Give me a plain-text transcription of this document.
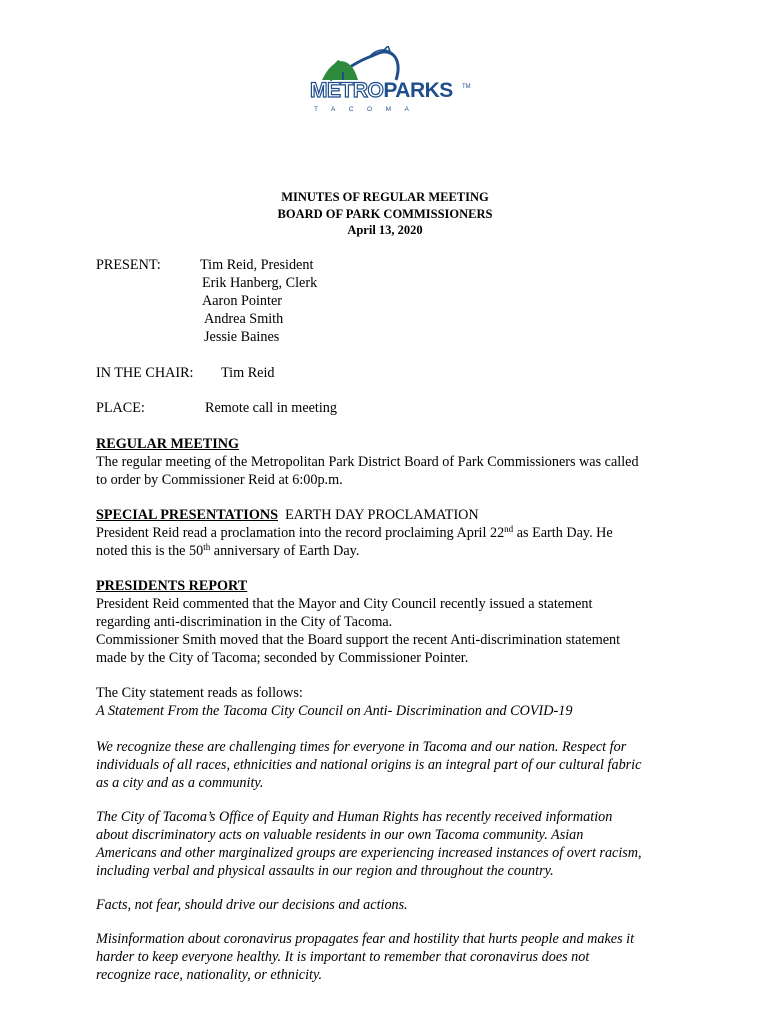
METROPARKS TM
TACOMA
MINUTES OF REGULAR MEETING
BOARD OF PARK COMMISSIONERS
April 13, 2020
PRESENT:	Tim Reid, President
Erik Hanberg, Clerk
Aaron Pointer
Andrea Smith
Jessie Baines
IN THE CHAIR: Tim Reid
PLACE:	Remote call in meeting
REGULAR MEETING
The regular meeting of the Metropolitan Park District Board of Park Commissioners was called
to order by Commissioner Reid at 6:00p.m.
SPECIAL PRESENTATIONS EARTH DAY PROCLAMATION
President Reid read a proclamation into the record proclaiming April 22nd as Earth Day. He
noted this is the 50th anniversary of Earth Day.
PRESIDENTS REPORT
President Reid commented that the Mayor and City Council recently issued a statement
regarding anti-discrimination in the City of Tacoma.
Commissioner Smith moved that the Board support the recent Anti-discrimination statement
made by the City of Tacoma; seconded by Commissioner Pointer.
The City statement reads as follows:
A Statement From the Tacoma City Council on Anti- Discrimination and COVID-19
We recognize these are challenging times for everyone in Tacoma and our nation. Respect for
individuals of all races, ethnicities and national origins is an integral part of our cultural fabric
as a city and as a community.
The City of Tacoma’s Office of Equity and Human Rights has recently received information
about discriminatory acts on valuable residents in our own Tacoma community. Asian
Americans and other marginalized groups are experiencing increased instances of overt racism,
including verbal and physical assaults in our region and throughout the country.
Facts, not fear, should drive our decisions and actions.
Misinformation about coronavirus propagates fear and hostility that hurts people and makes it
harder to keep everyone healthy. It is important to remember that coronavirus does not
recognize race, nationality, or ethnicity.
